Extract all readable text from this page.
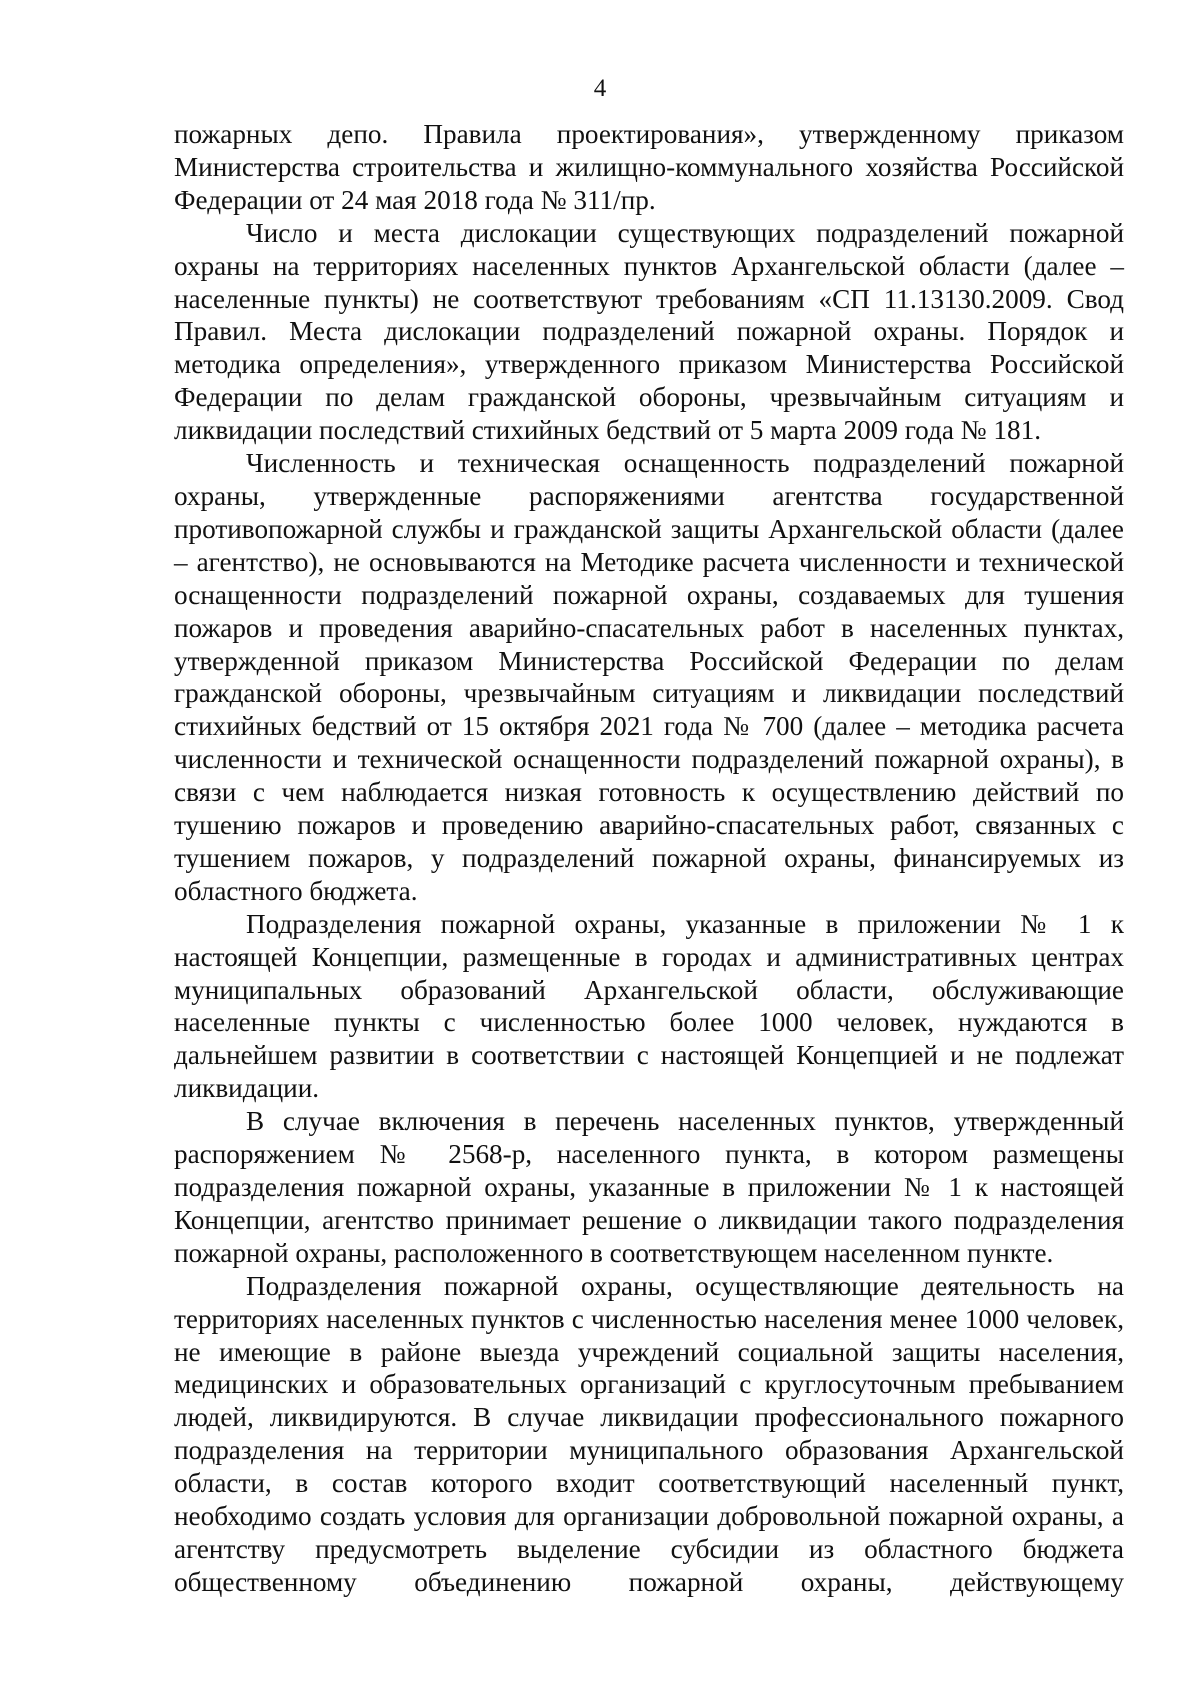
4

пожарных депо. Правила проектирования», утвержденному приказом Министерства строительства и жилищно-коммунального хозяйства Российской Федерации от 24 мая 2018 года № 311/пр.

Число и места дислокации существующих подразделений пожарной охраны на территориях населенных пунктов Архангельской области (далее – населенные пункты) не соответствуют требованиям «СП 11.13130.2009. Свод Правил. Места дислокации подразделений пожарной охраны. Порядок и методика определения», утвержденного приказом Министерства Российской Федерации по делам гражданской обороны, чрезвычайным ситуациям и ликвидации последствий стихийных бедствий от 5 марта 2009 года № 181.

Численность и техническая оснащенность подразделений пожарной охраны, утвержденные распоряжениями агентства государственной противопожарной службы и гражданской защиты Архангельской области (далее – агентство), не основываются на Методике расчета численности и технической оснащенности подразделений пожарной охраны, создаваемых для тушения пожаров и проведения аварийно-спасательных работ в населенных пунктах, утвержденной приказом Министерства Российской Федерации по делам гражданской обороны, чрезвычайным ситуациям и ликвидации последствий стихийных бедствий от 15 октября 2021 года № 700 (далее – методика расчета численности и технической оснащенности подразделений пожарной охраны), в связи с чем наблюдается низкая готовность к осуществлению действий по тушению пожаров и проведению аварийно-спасательных работ, связанных с тушением пожаров, у подразделений пожарной охраны, финансируемых из областного бюджета.

Подразделения пожарной охраны, указанные в приложении № 1 к настоящей Концепции, размещенные в городах и административных центрах муниципальных образований Архангельской области, обслуживающие населенные пункты с численностью более 1000 человек, нуждаются в дальнейшем развитии в соответствии с настоящей Концепцией и не подлежат ликвидации.

В случае включения в перечень населенных пунктов, утвержденный распоряжением № 2568-р, населенного пункта, в котором размещены подразделения пожарной охраны, указанные в приложении № 1 к настоящей Концепции, агентство принимает решение о ликвидации такого подразделения пожарной охраны, расположенного в соответствующем населенном пункте.

Подразделения пожарной охраны, осуществляющие деятельность на территориях населенных пунктов с численностью населения менее 1000 человек, не имеющие в районе выезда учреждений социальной защиты населения, медицинских и образовательных организаций с круглосуточным пребыванием людей, ликвидируются. В случае ликвидации профессионального пожарного подразделения на территории муниципального образования Архангельской области, в состав которого входит соответствующий населенный пункт, необходимо создать условия для организации добровольной пожарной охраны, а агентству предусмотреть выделение субсидии из областного бюджета общественному объединению пожарной охраны, действующему
